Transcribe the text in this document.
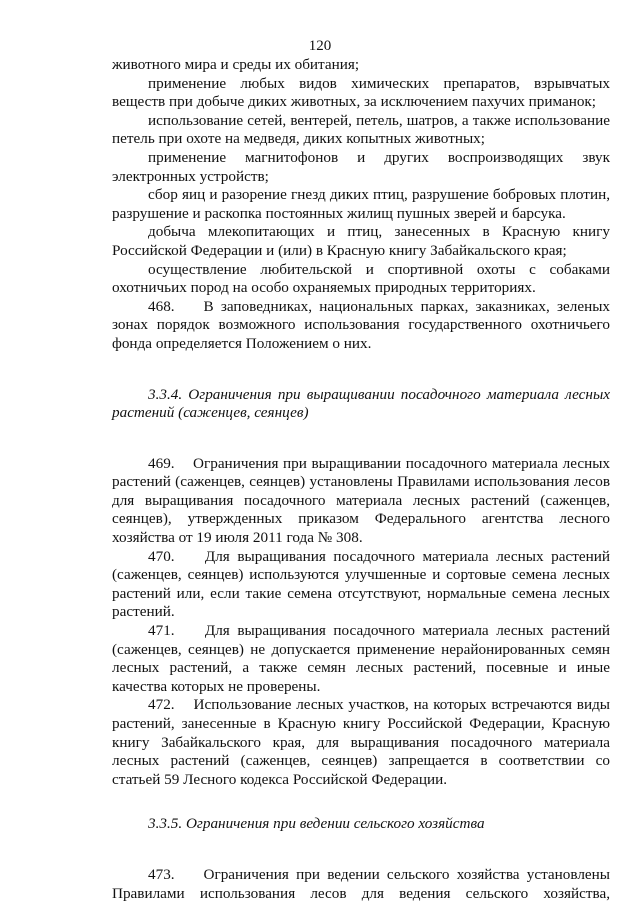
120

животного мира и среды их обитания;

применение любых видов химических препаратов, взрывчатых веществ при добыче диких животных, за исключением пахучих приманок;

использование сетей, вентерей, петель, шатров, а также использование петель при охоте на медведя, диких копытных животных;

применение магнитофонов и других воспроизводящих звук электронных устройств;

сбор яиц и разорение гнезд диких птиц, разрушение бобровых плотин, разрушение и раскопка постоянных жилищ пушных зверей и барсука.

добыча млекопитающих и птиц, занесенных в Красную книгу Российской Федерации и (или) в Красную книгу Забайкальского края;

осуществление любительской и спортивной охоты с собаками охотничьих пород на особо охраняемых природных территориях.

468.    В заповедниках, национальных парках, заказниках, зеленых зонах порядок возможного использования государственного охотничьего фонда определяется Положением о них.

3.3.4. Ограничения при выращивании посадочного материала лесных растений (саженцев, сеянцев)

469.    Ограничения при выращивании посадочного материала лесных растений (саженцев, сеянцев) установлены Правилами использования лесов для выращивания посадочного материала лесных растений (саженцев, сеянцев), утвержденных приказом Федерального агентства лесного хозяйства от 19 июля 2011 года № 308.

470.    Для выращивания посадочного материала лесных растений (саженцев, сеянцев) используются улучшенные и сортовые семена лесных растений или, если такие семена отсутствуют, нормальные семена лесных растений.

471.    Для выращивания посадочного материала лесных растений (саженцев, сеянцев) не допускается применение нерайонированных семян лесных растений, а также семян лесных растений, посевные и иные качества которых не проверены.

472.    Использование лесных участков, на которых встречаются виды растений, занесенные в Красную книгу Российской Федерации, Красную книгу Забайкальского края, для выращивания посадочного материала лесных растений (саженцев, сеянцев) запрещается в соответствии со статьей 59 Лесного кодекса Российской Федерации.

3.3.5. Ограничения при ведении сельского хозяйства

473.    Ограничения при ведении сельского хозяйства установлены Правилами использования лесов для ведения сельского хозяйства,
